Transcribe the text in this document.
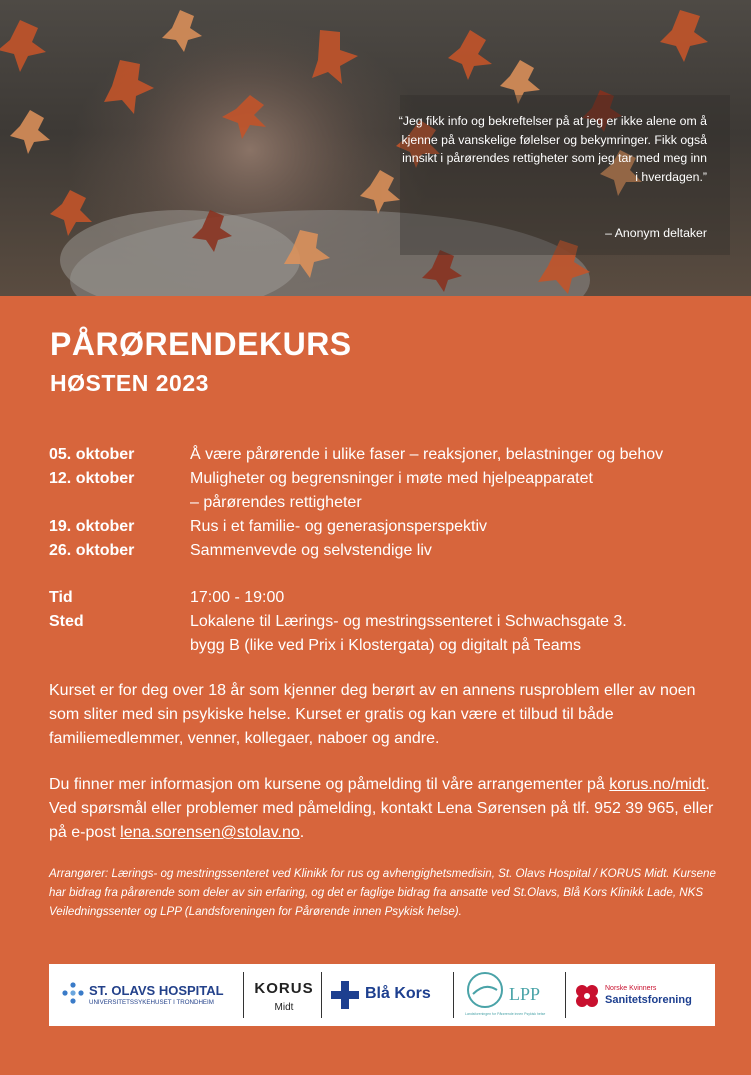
“Jeg fikk info og bekreftelser på at jeg er ikke alene om å kjenne på vanskelige følelser og bekymringer. Fikk også innsikt i pårørendes rettigheter som jeg tar med meg inn i hverdagen.”
– Anonym deltaker
PÅRØRENDEKURS
HØSTEN 2023
05. oktober	Å være pårørende i ulike faser – reaksjoner, belastninger og behov
12. oktober	Muligheter og begrensninger i møte med hjelpeapparatet
– pårørendes rettigheter
19. oktober	Rus i et familie- og generasjonsperspektiv
26. oktober	Sammenvevde og selvstendige liv
Tid	17:00 - 19:00
Sted	Lokalene til Lærings- og mestringssenteret i Schwachsgate 3.
bygg B (like ved Prix i Klostergata) og digitalt på Teams

Kurset er for deg over 18 år som kjenner deg berørt av en annens rusproblem eller av noen som sliter med sin psykiske helse. Kurset er gratis og kan være et tilbud til både familiemedlemmer, venner, kollegaer, naboer og andre.

Du finner mer informasjon om kursene og påmelding til våre arrangementer på korus.no/midt. Ved spørsmål eller problemer med påmelding, kontakt Lena Sørensen på tlf. 952 39 965, eller på e-post lena.sorensen@stolav.no.

Arrangører: Lærings- og mestringssenteret ved Klinikk for rus og avhengighetsmedisin, St. Olavs Hospital / KORUS Midt. Kursene har bidrag fra pårørende som deler av sin erfaring, og det er faglige bidrag fra ansatte ved St.Olavs, Blå Kors Klinikk Lade, NKS Veiledningssenter og LPP (Landsforeningen for Pårørende innen Psykisk helse).

ST. OLAVS HOSPITAL
UNIVERSITETSSYKEHUSET I TRONDHEIM
KORUS
Midt
Blå Kors	LPP
Landsforeningen for Pårørende innen Psykisk helse
Norske Kvinners
Sanitetsforening
